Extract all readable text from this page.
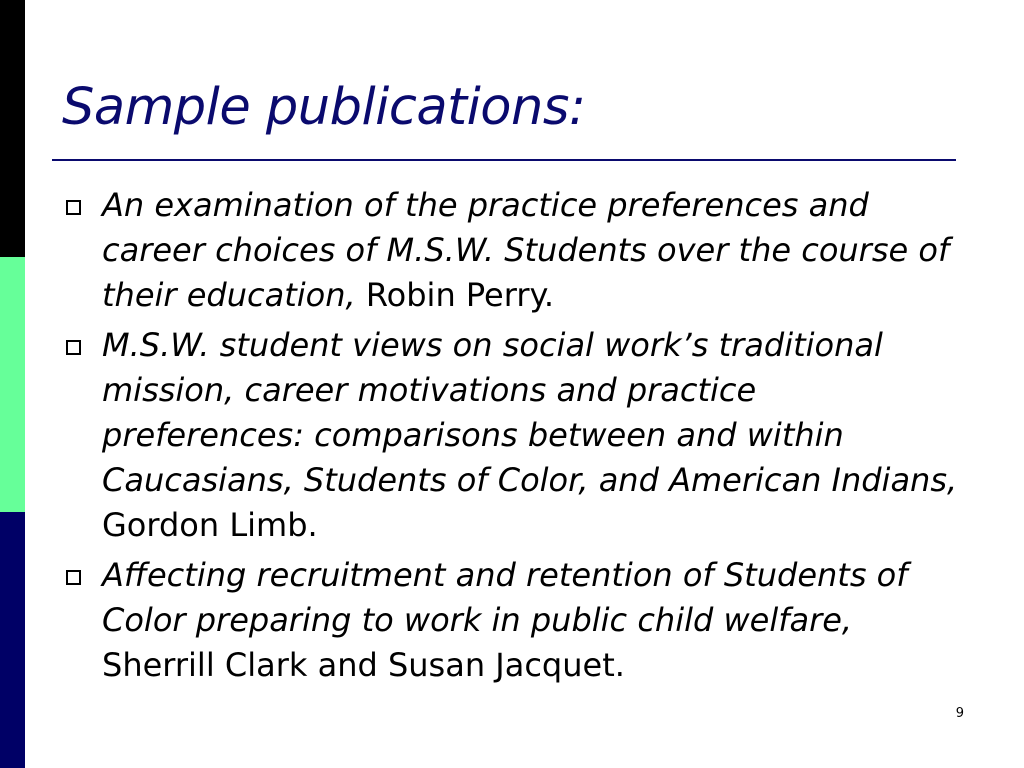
Sample publications:
An examination of the practice preferences and career choices of M.S.W. Students over the course of their education, Robin Perry.
M.S.W. student views on social work’s traditional mission, career motivations and practice preferences: comparisons between and within Caucasians, Students of Color, and American Indians, Gordon Limb.
Affecting recruitment and retention of Students of Color preparing to work in public child welfare, Sherrill Clark and Susan Jacquet.
9
